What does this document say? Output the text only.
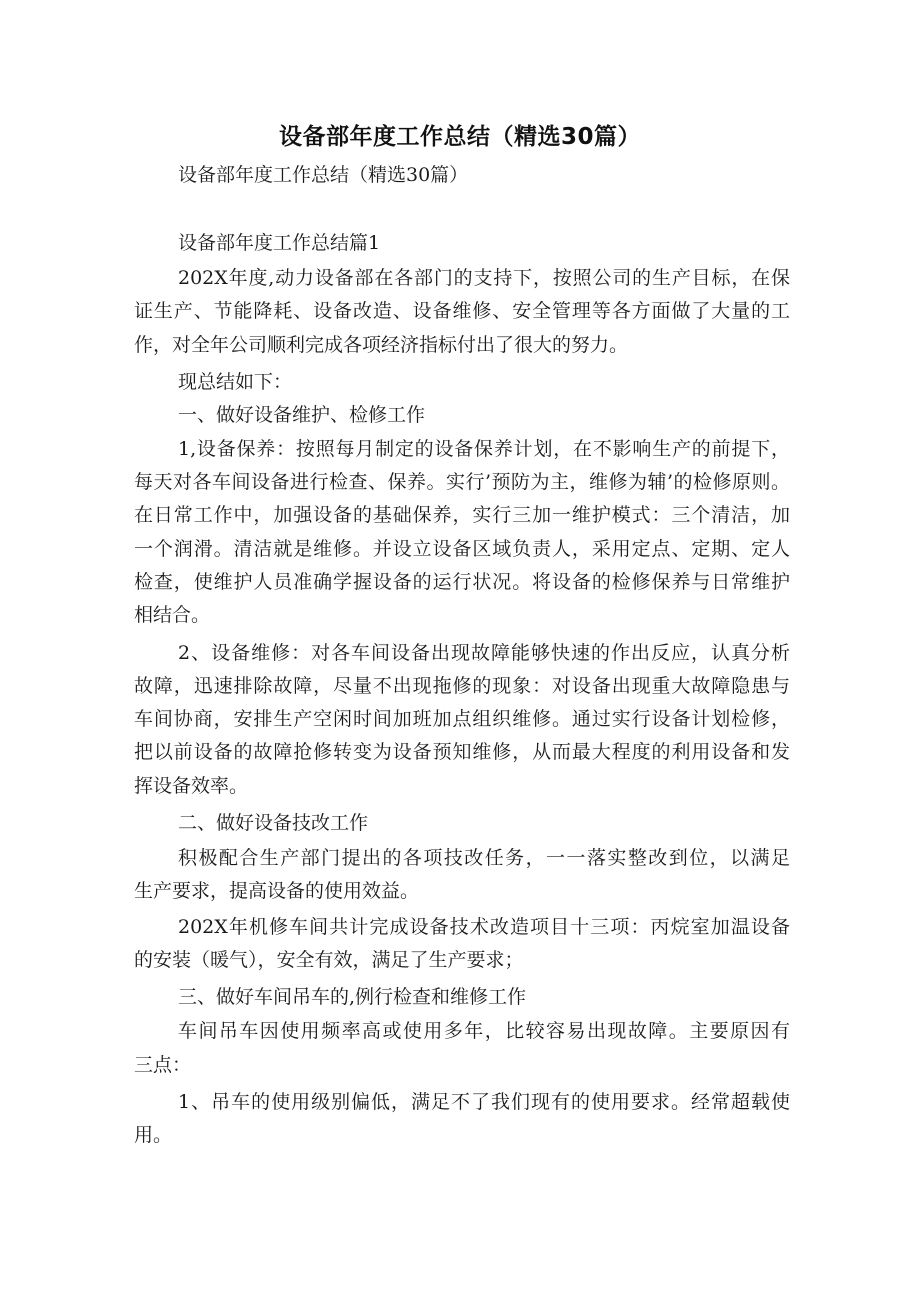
设备部年度工作总结（精选30篇）
设备部年度工作总结（精选30篇）
设备部年度工作总结篇1
202X年度,动力设备部在各部门的支持下，按照公司的生产目标，在保
证生产、节能降耗、设备改造、设备维修、安全管理等各方面做了大量的工
作，对全年公司顺利完成各项经济指标付出了很大的努力。
现总结如下：
一、做好设备维护、检修工作
1,设备保养：按照每月制定的设备保养计划，在不影响生产的前提下，
每天对各车间设备进行检查、保养。实行’预防为主，维修为辅’的检修原则。
在日常工作中，加强设备的基础保养，实行三加一维护模式：三个清洁，加
一个润滑。清洁就是维修。并设立设备区域负责人，采用定点、定期、定人
检查，使维护人员准确学握设备的运行状况。将设备的检修保养与日常维护
相结合。
2、设备维修：对各车间设备出现故障能够快速的作出反应，认真分析
故障，迅速排除故障，尽量不出现拖修的现象：对设备出现重大故障隐患与
车间协商，安排生产空闲时间加班加点组织维修。通过实行设备计划检修，
把以前设备的故障抢修转变为设备预知维修，从而最大程度的利用设备和发
挥设备效率。
二、做好设备技改工作
积极配合生产部门提出的各项技改任务，一一落实整改到位，以满足
生产要求，提高设备的使用效益。
202X年机修车间共计完成设备技术改造项目十三项：丙烷室加温设备
的安装（暖气），安全有效，满足了生产要求；
三、做好车间吊车的,例行检查和维修工作
车间吊车因使用频率高或使用多年，比较容易出现故障。主要原因有
三点：
1、吊车的使用级别偏低，满足不了我们现有的使用要求。经常超载使
用。
